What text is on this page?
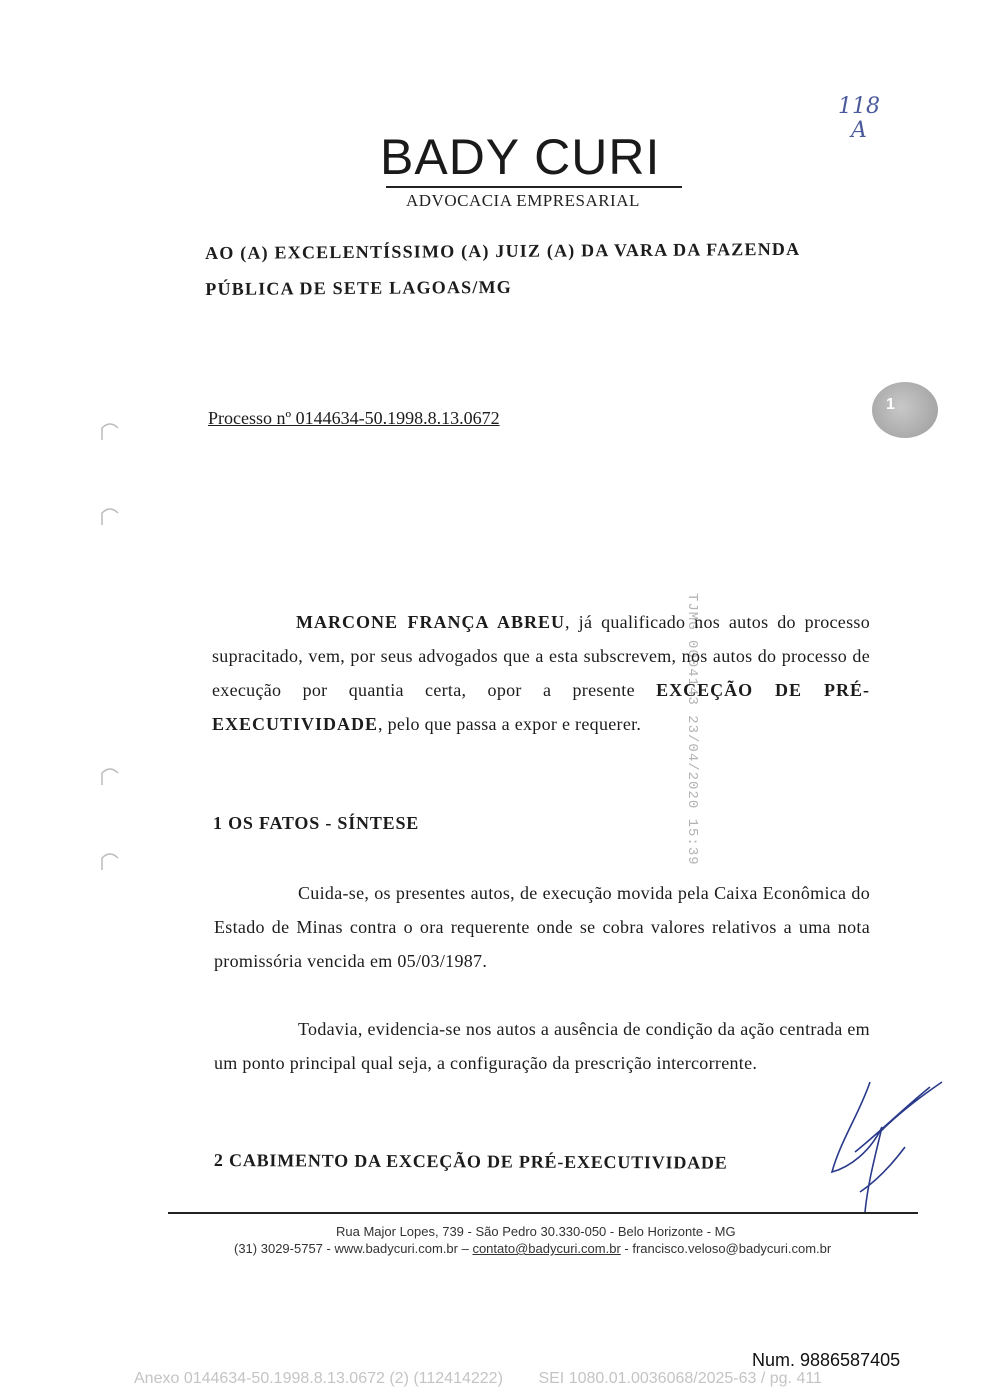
BADY CURI
ADVOCACIA EMPRESARIAL
118
A
AO (A) EXCELENTÍSSIMO (A) JUIZ (A) DA VARA DA FAZENDA
PÚBLICA DE SETE LAGOAS/MG
Processo nº 0144634-50.1998.8.13.0672
1
TJMG 0004143 23/04/2020 15:39
MARCONE FRANÇA ABREU, já qualificado nos autos do processo supracitado, vem, por seus advogados que a esta subscrevem, nos autos do processo de execução por quantia certa, opor a presente EXCEÇÃO DE PRÉ-EXECUTIVIDADE, pelo que passa a expor e requerer.
1 OS FATOS - SÍNTESE
Cuida-se, os presentes autos, de execução movida pela Caixa Econômica do Estado de Minas contra o ora requerente onde se cobra valores relativos a uma nota promissória vencida em 05/03/1987.
Todavia, evidencia-se nos autos a ausência de condição da ação centrada em um ponto principal qual seja, a configuração da prescrição intercorrente.
2 CABIMENTO DA EXCEÇÃO DE PRÉ-EXECUTIVIDADE
Rua Major Lopes, 739 - São Pedro 30.330-050 - Belo Horizonte - MG
(31) 3029-5757 - www.badycuri.com.br – contato@badycuri.com.br - francisco.veloso@badycuri.com.br
Num. 9886587405
Anexo 0144634-50.1998.8.13.0672 (2) (112414222)        SEI 1080.01.0036068/2025-63 / pg. 411
